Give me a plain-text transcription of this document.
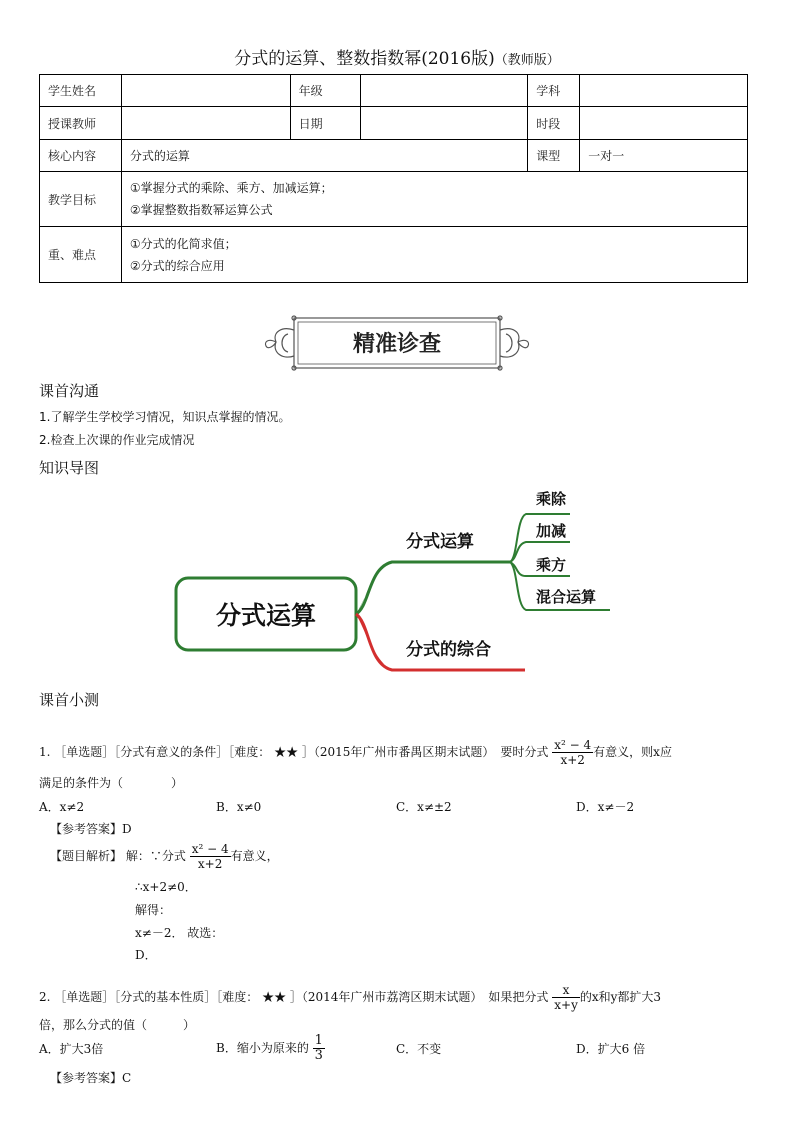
分式的运算、整数指数幂(2016版)（教师版）
学生姓名		年级		学科	
授课教师		日期		时段	
核心内容	分式的运算			课型	一对一
教学目标	①掌握分式的乘除、乘方、加减运算；
②掌握整数指数幂运算公式				

重、难点	①分式的化简求值；
②分式的综合应用				
精准诊查
课首沟通
1.了解学生学校学习情况，知识点掌握的情况。
2.检查上次课的作业完成情况
知识导图
分式运算
分式运算
分式的综合
乘除
加减
乘方
混合运算
课首小测
1. ［单选题］［分式有意义的条件］［难度： ★★ ］（2015年广州市番禺区期末试题）　要时分式 $\frac{\text{x² − 4}}{x+2}$ 有意义，则x应
满足的条件为（　　　　）
A．x≠2	B．x≠0	C．x≠±2	D．x≠－2
【参考答案】D
【题目解析】 解：∵分式 $\frac{\text{x² − 4}}{x+2}$ 有意义，
∴x+2≠0．
解得：
x≠－2． 故选：
D．
2. ［单选题］［分式的基本性质］［难度： ★★ ］（2014年广州市荔湾区期末试题）　如果把分式 $\frac{x}{x+y}$ 的x和y都扩大3
倍，那么分式的值（　　　）
A．扩大3倍	B．缩小为原来的 $\frac{1}{3}$	C．不变	D．扩大6 倍
【参考答案】C
